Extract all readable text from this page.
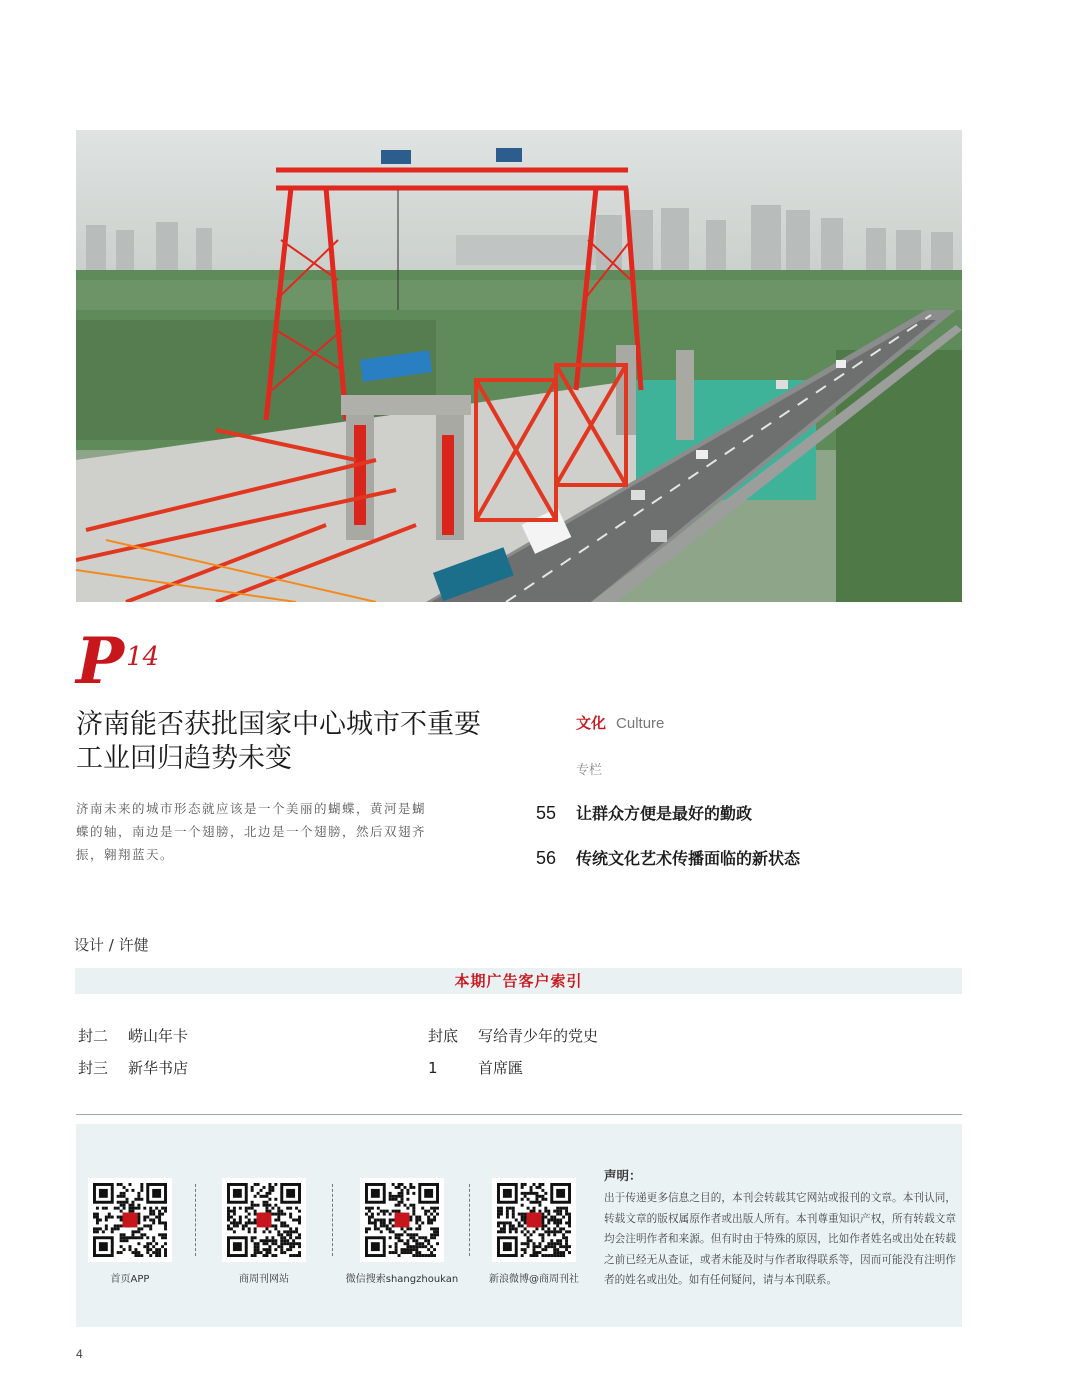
P14
济南能否获批国家中心城市不重要
工业回归趋势未变
济南未来的城市形态就应该是一个美丽的蝴蝶，黄河是蝴蝶的轴，南边是一个翅膀，北边是一个翅膀，然后双翅齐振，翱翔蓝天。
文化 Culture
专栏
55 让群众方便是最好的勤政
56 传统文化艺术传播面临的新状态
设计 / 许健
本期广告客户索引
封二 崂山年卡	封底 写给青少年的党史
封三 新华书店	1	首席匯
首页APP	商周刊网站	微信搜索shangzhoukan	新浪微博@商周刊社
声明：
出于传递更多信息之目的，本刊会转载其它网站或报刊的文章。本刊认同，转载文章的版权属原作者或出版人所有。本刊尊重知识产权，所有转载文章均会注明作者和来源。但有时由于特殊的原因，比如作者姓名或出处在转载之前已经无从查证，或者未能及时与作者取得联系等，因而可能没有注明作者的姓名或出处。如有任何疑问，请与本刊联系。
4
